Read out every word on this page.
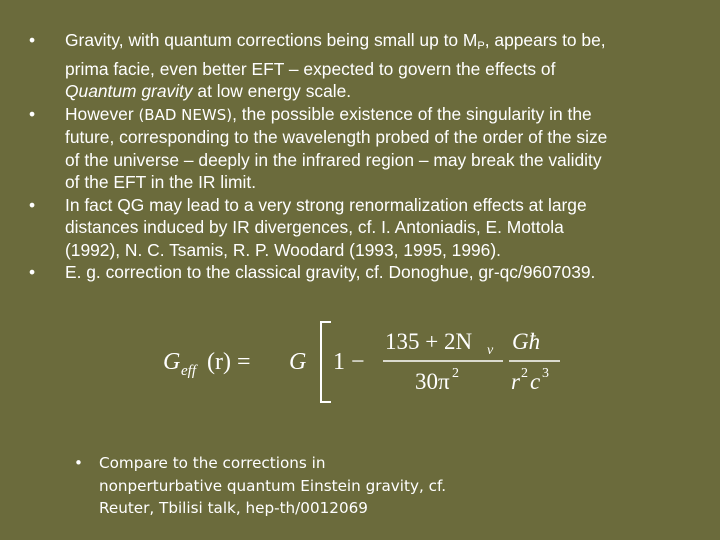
• Gravity, with quantum corrections being small up to $M_P$, appears to be,
prima facie, even better EFT – expected to govern the effects of
Quantum gravity at low energy scale.
• However (BAD NEWS), the possible existence of the singularity in the
future, corresponding to the wavelength probed of the order of the size
of the universe – deeply in the infrared region – may break the validity
of the EFT in the IR limit.
• In fact QG may lead to a very strong renormalization effects at large
distances induced by IR divergences, cf. I. Antoniadis, E. Mottola
(1992), N. C. Tsamis, R. P. Woodard (1993, 1995, 1996).
• E. g. correction to the classical gravity, cf. Donoghue, gr-qc/9607039.
G eff (r) = G 1 −
135 + 2N ν
30π 2
Għ
r 2 c 3
• Compare to the corrections in
nonperturbative quantum Einstein gravity, cf.
Reuter, Tbilisi talk, hep-th/0012069
